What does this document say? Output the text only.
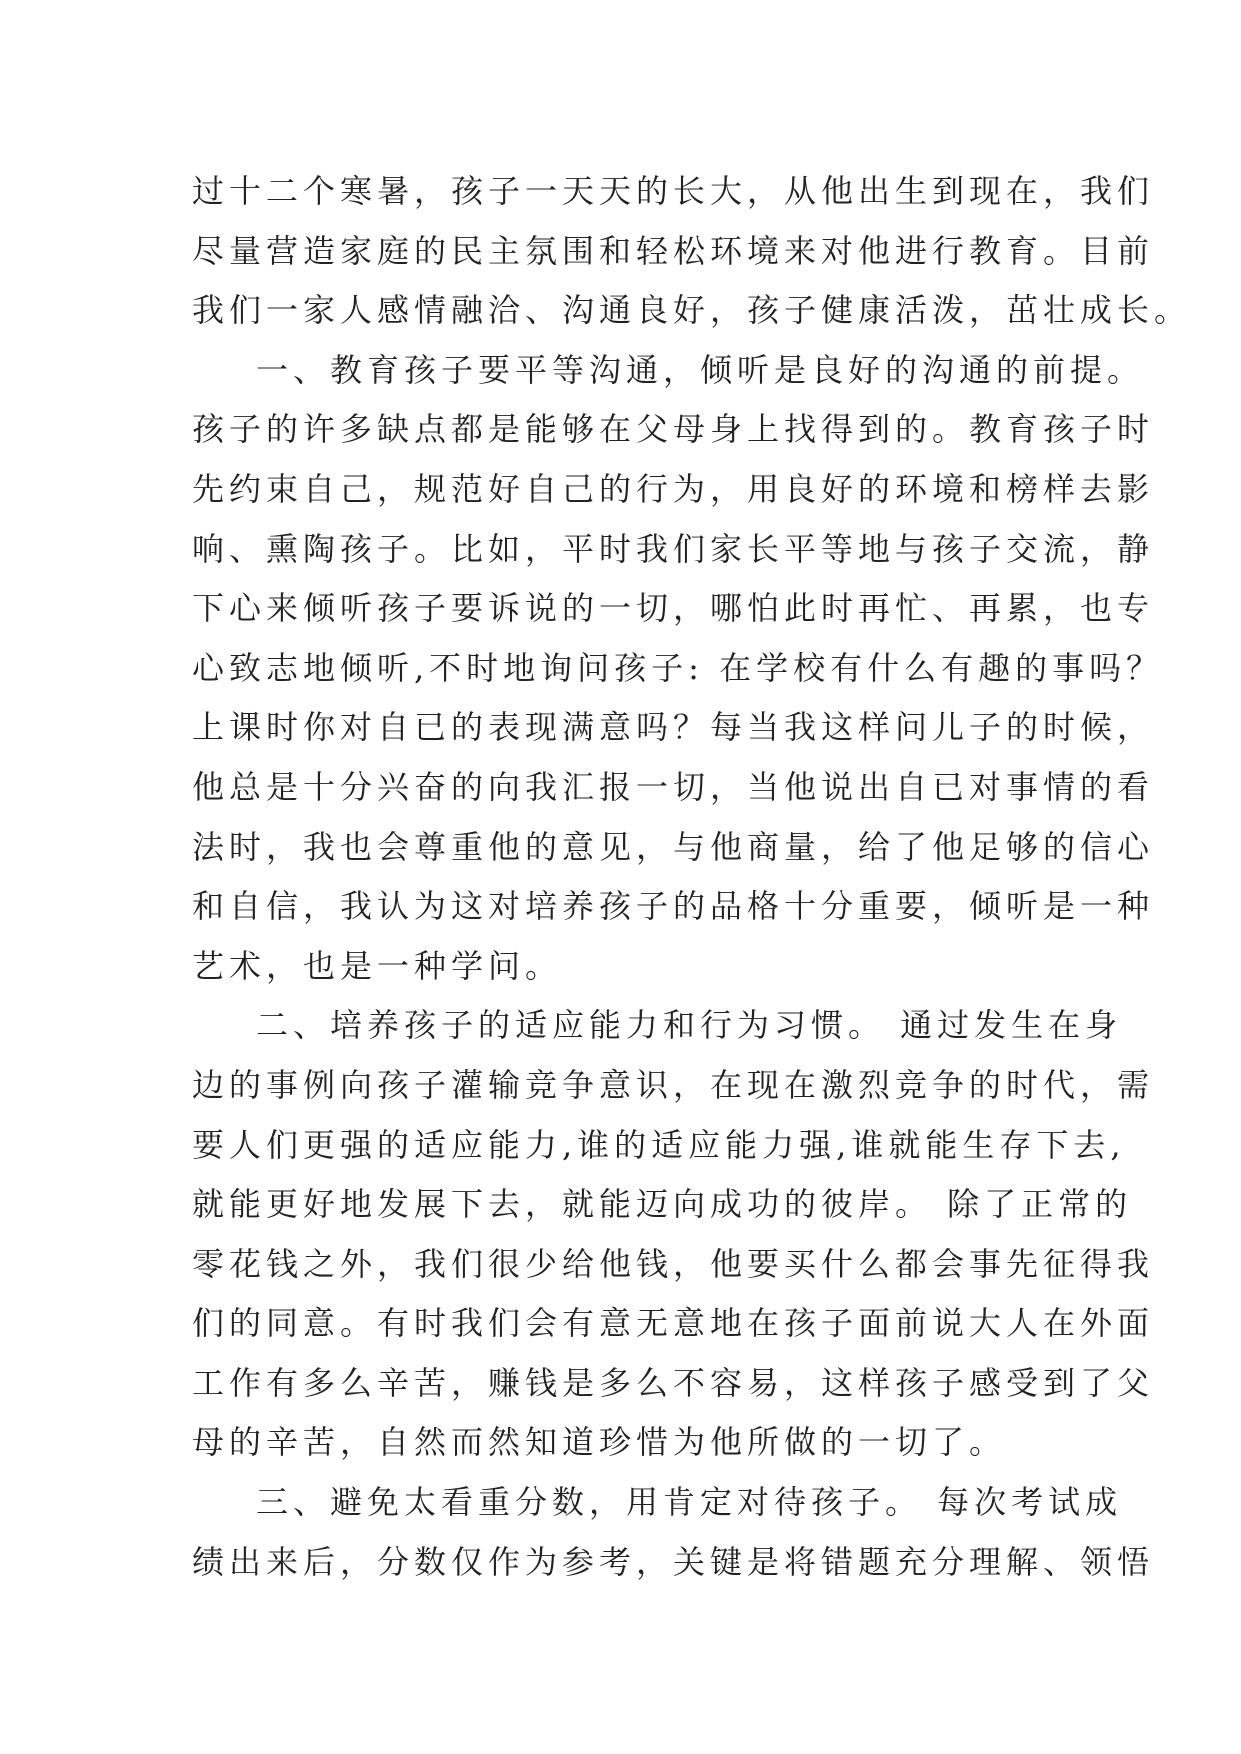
过十二个寒暑，孩子一天天的长大，从他出生到现在，我们
尽量营造家庭的民主氛围和轻松环境来对他进行教育。目前
我们一家人感情融洽、沟通良好，孩子健康活泼，茁壮成长。
一、教育孩子要平等沟通，倾听是良好的沟通的前提。
孩子的许多缺点都是能够在父母身上找得到的。教育孩子时
先约束自己，规范好自己的行为，用良好的环境和榜样去影
响、熏陶孩子。比如，平时我们家长平等地与孩子交流，静
下心来倾听孩子要诉说的一切，哪怕此时再忙、再累，也专
心致志地倾听,不时地询问孩子: 在学校有什么有趣的事吗？
上课时你对自已的表现满意吗？每当我这样问儿子的时候，
他总是十分兴奋的向我汇报一切，当他说出自已对事情的看
法时，我也会尊重他的意见，与他商量，给了他足够的信心
和自信，我认为这对培养孩子的品格十分重要，倾听是一种
艺术，也是一种学问。
二、培养孩子的适应能力和行为习惯。 通过发生在身
边的事例向孩子灌输竞争意识，在现在激烈竞争的时代，需
要人们更强的适应能力,谁的适应能力强,谁就能生存下去,
就能更好地发展下去，就能迈向成功的彼岸。 除了正常的
零花钱之外，我们很少给他钱，他要买什么都会事先征得我
们的同意。有时我们会有意无意地在孩子面前说大人在外面
工作有多么辛苦，赚钱是多么不容易，这样孩子感受到了父
母的辛苦，自然而然知道珍惜为他所做的一切了。
三、避免太看重分数，用肯定对待孩子。 每次考试成
绩出来后，分数仅作为参考，关键是将错题充分理解、领悟
